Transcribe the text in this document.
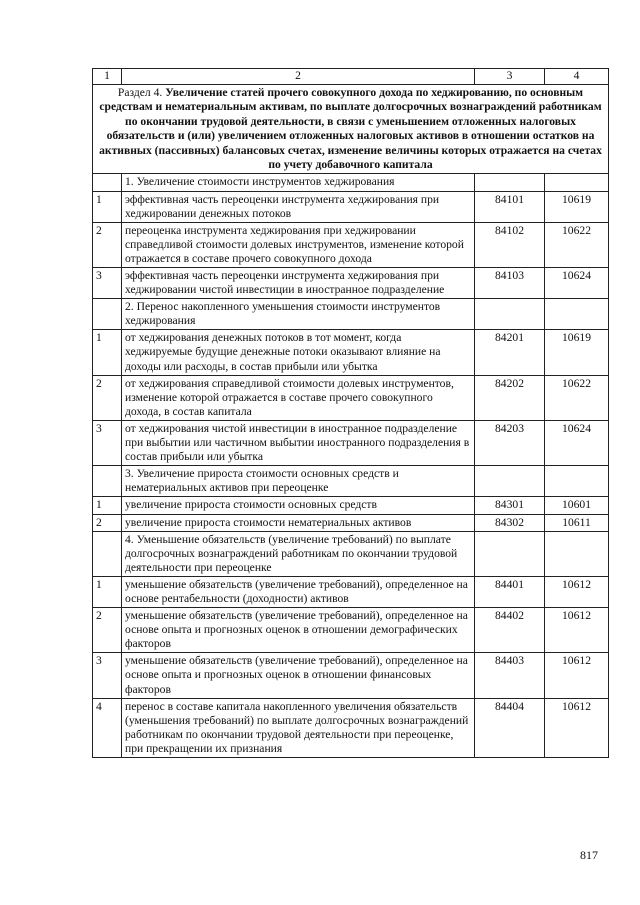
1	2	3	4
Раздел 4. Увеличение статей прочего совокупного дохода по хеджированию, по основным средствам и нематериальным активам, по выплате долгосрочных вознаграждений работникам по окончании трудовой деятельности, в связи с уменьшением отложенных налоговых обязательств и (или) увеличением отложенных налоговых активов в отношении остатков на активных (пассивных) балансовых счетах, изменение величины которых отражается на счетах по учету добавочного капитала			
	1. Увеличение стоимости инструментов хеджирования		
1	эффективная часть переоценки инструмента хеджирования при хеджировании денежных потоков	84101	10619
2	переоценка инструмента хеджирования при хеджировании справедливой стоимости долевых инструментов, изменение которой отражается в составе прочего совокупного дохода	84102	10622
3	эффективная часть переоценки инструмента хеджирования при хеджировании чистой инвестиции в иностранное подразделение	84103	10624
	2. Перенос накопленного уменьшения стоимости инструментов хеджирования		
1	от хеджирования денежных потоков в тот момент, когда хеджируемые будущие денежные потоки оказывают влияние на доходы или расходы, в состав прибыли или убытка	84201	10619
2	от хеджирования справедливой стоимости долевых инструментов, изменение которой отражается в составе прочего совокупного дохода, в состав капитала	84202	10622
3	от хеджирования чистой инвестиции в иностранное подразделение при выбытии или частичном выбытии иностранного подразделения в состав прибыли или убытка	84203	10624
	3. Увеличение прироста стоимости основных средств и нематериальных активов при переоценке		
1	увеличение прироста стоимости основных средств	84301	10601
2	увеличение прироста стоимости нематериальных активов	84302	10611
	4. Уменьшение обязательств (увеличение требований) по выплате долгосрочных вознаграждений работникам по окончании трудовой деятельности при переоценке		
1	уменьшение обязательств (увеличение требований), определенное на основе рентабельности (доходности) активов	84401	10612
2	уменьшение обязательств (увеличение требований), определенное на основе опыта и прогнозных оценок в отношении демографических факторов	84402	10612
3	уменьшение обязательств (увеличение требований), определенное на основе опыта и прогнозных оценок в отношении финансовых факторов	84403	10612
4	перенос в составе капитала накопленного увеличения обязательств (уменьшения требований) по выплате долгосрочных вознаграждений работникам по окончании трудовой деятельности при переоценке, при прекращении их признания	84404	10612
817
